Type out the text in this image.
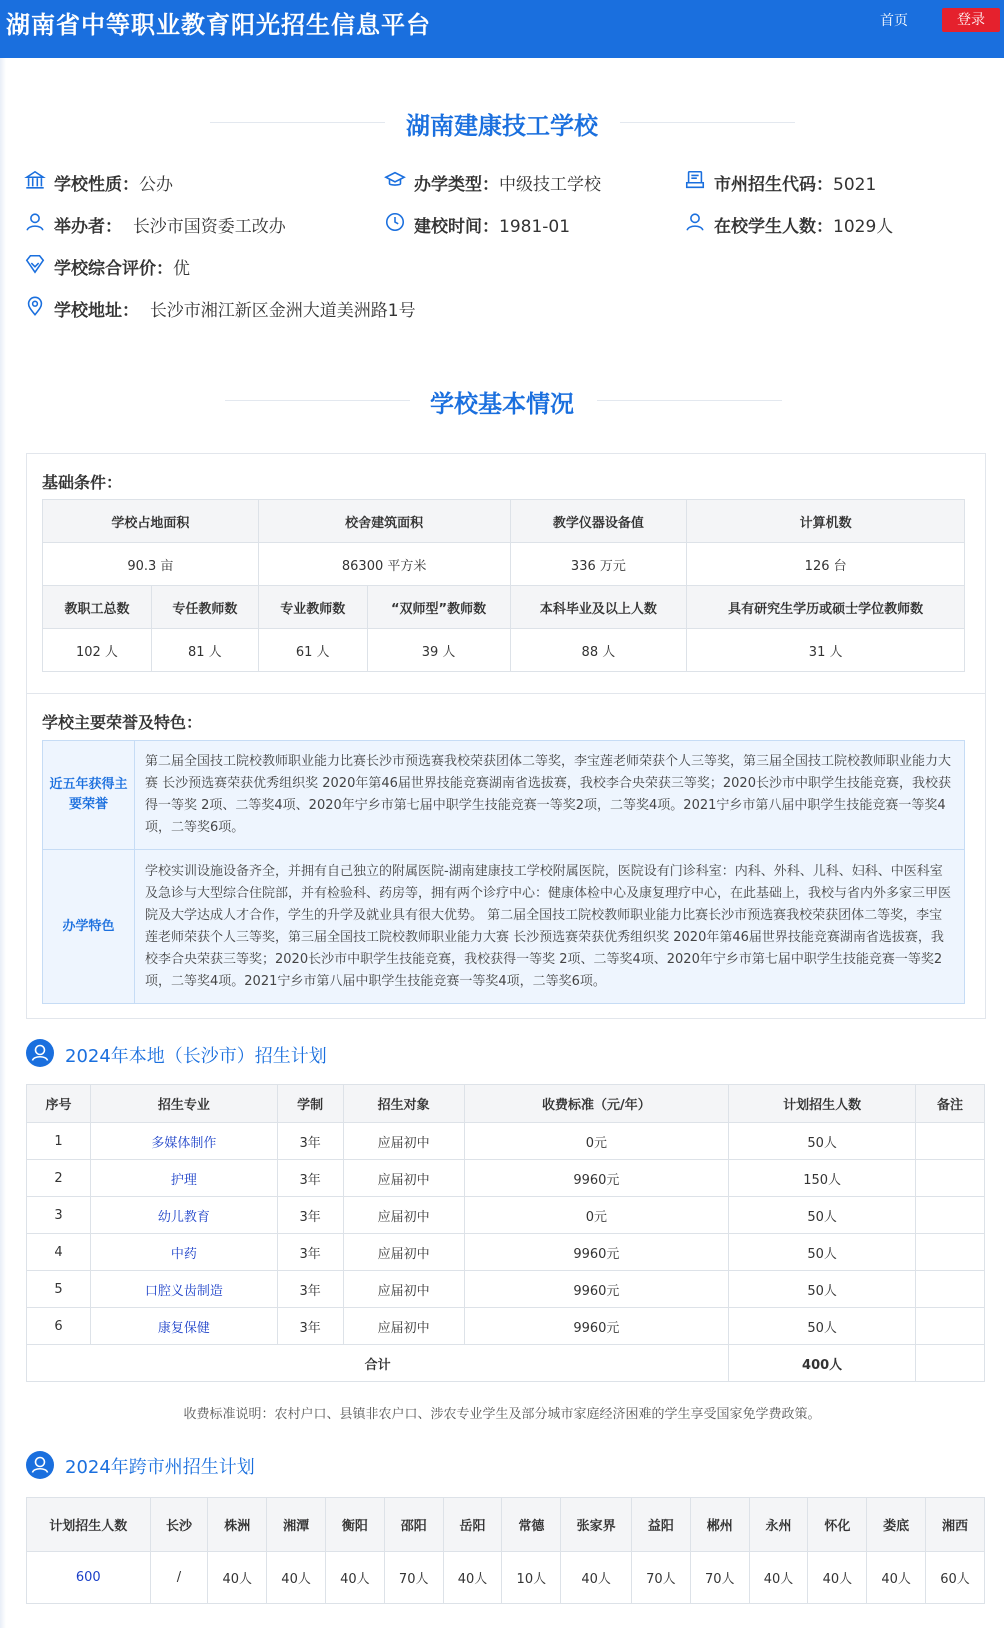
湖南省中等职业教育阳光招生信息平台	首页	登录
湖南建康技工学校
学校性质：公办	办学类型：中级技工学校	市州招生代码：5021
举办者： 长沙市国资委工改办	建校时间：1981-01	在校学生人数：1029人
学校综合评价：优
学校地址： 长沙市湘江新区金洲大道美洲路1号
学校基本情况
基础条件：
学校占地面积		校舍建筑面积		教学仪器设备值	计算机数
90.3 亩		86300 平方米		336 万元	126 台
教职工总数	专任教师数	专业教师数	“双师型”教师数	本科毕业及以上人数	具有研究生学历或硕士学位教师数
102 人	81 人	61 人	39 人	88 人	31 人
学校主要荣誉及特色：
近五年获得主要荣誉	第二届全国技工院校教师职业能力比赛长沙市预选赛我校荣获团体二等奖，李宝莲老师荣获个人三等奖，第三届全国技工院校教师职业能力大赛 长沙预选赛荣获优秀组织奖 2020年第46届世界技能竞赛湖南省选拔赛，我校李合央荣获三等奖；2020长沙市中职学生技能竞赛，我校获得一等奖 2项、二等奖4项、2020年宁乡市第七届中职学生技能竞赛一等奖2项，二等奖4项。2021宁乡市第八届中职学生技能竞赛一等奖4项，二等奖6项。
办学特色	学校实训设施设备齐全，并拥有自己独立的附属医院-湖南建康技工学校附属医院，医院设有门诊科室：内科、外科、儿科、妇科、中医科室及急诊与大型综合住院部，并有检验科、药房等，拥有两个诊疗中心：健康体检中心及康复理疗中心，在此基础上，我校与省内外多家三甲医院及大学达成人才合作，学生的升学及就业具有很大优势。 第二届全国技工院校教师职业能力比赛长沙市预选赛我校荣获团体二等奖，李宝莲老师荣获个人三等奖，第三届全国技工院校教师职业能力大赛 长沙预选赛荣获优秀组织奖 2020年第46届世界技能竞赛湖南省选拔赛，我校李合央荣获三等奖；2020长沙市中职学生技能竞赛，我校获得一等奖 2项、二等奖4项、2020年宁乡市第七届中职学生技能竞赛一等奖2项，二等奖4项。2021宁乡市第八届中职学生技能竞赛一等奖4项，二等奖6项。
2024年本地（长沙市）招生计划
序号	招生专业	学制	招生对象	收费标准（元/年）	计划招生人数	备注
1	多媒体制作	3年	应届初中	0元	50人	
2	护理	3年	应届初中	9960元	150人	
3	幼儿教育	3年	应届初中	0元	50人	
4	中药	3年	应届初中	9960元	50人	
5	口腔义齿制造	3年	应届初中	9960元	50人	
6	康复保健	3年	应届初中	9960元	50人	
合计					400人	
收费标准说明：农村户口、县镇非农户口、涉农专业学生及部分城市家庭经济困难的学生享受国家免学费政策。
2024年跨市州招生计划
计划招生人数	长沙	株洲	湘潭	衡阳	邵阳	岳阳	常德	张家界	益阳	郴州	永州	怀化	娄底	湘西
600	/	40人	40人	40人	70人	40人	10人	40人	70人	70人	40人	40人	40人	60人
